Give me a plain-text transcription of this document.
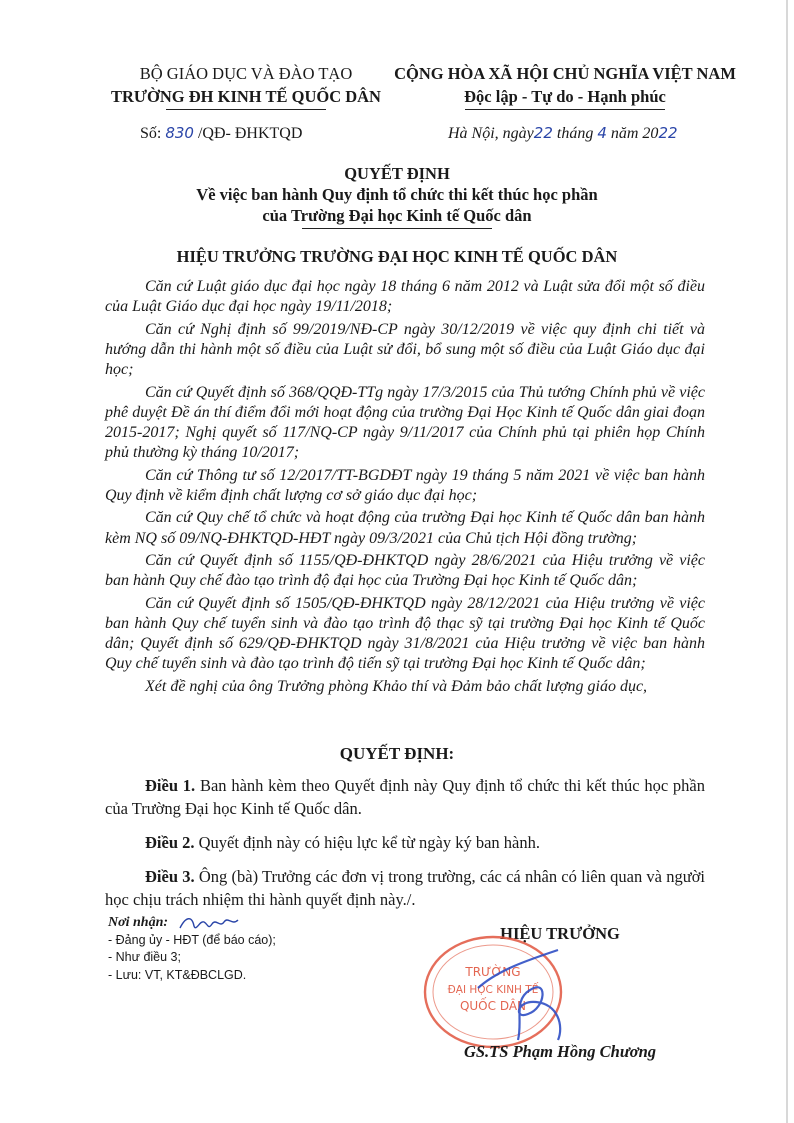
BỘ GIÁO DỤC VÀ ĐÀO TẠO
TRƯỜNG ĐH KINH TẾ QUỐC DÂN
CỘNG HÒA XÃ HỘI CHỦ NGHĨA VIỆT NAM
Độc lập - Tự do - Hạnh phúc
Số: 830 /QĐ- ĐHKTQD	Hà Nội, ngày22 tháng 4 năm 2022
QUYẾT ĐỊNH
Về việc ban hành Quy định tổ chức thi kết thúc học phần
của Trường Đại học Kinh tế Quốc dân
HIỆU TRƯỞNG TRƯỜNG ĐẠI HỌC KINH TẾ QUỐC DÂN

Căn cứ Luật giáo dục đại học ngày 18 tháng 6 năm 2012 và Luật sửa đổi một số điều của Luật Giáo dục đại học ngày 19/11/2018;

Căn cứ Nghị định số 99/2019/NĐ-CP ngày 30/12/2019 về việc quy định chi tiết và hướng dẫn thi hành một số điều của Luật sử đổi, bổ sung một số điều của Luật Giáo dục đại học;

Căn cứ Quyết định số 368/QQĐ-TTg ngày 17/3/2015 của Thủ tướng Chính phủ về việc phê duyệt Đề án thí điểm đổi mới hoạt động của trường Đại Học Kinh tế Quốc dân giai đoạn 2015-2017; Nghị quyết số 117/NQ-CP ngày 9/11/2017 của Chính phủ tại phiên họp Chính phủ thường kỳ tháng 10/2017;

Căn cứ Thông tư số 12/2017/TT-BGDĐT ngày 19 tháng 5 năm 2021 về việc ban hành Quy định về kiểm định chất lượng cơ sở giáo dục đại học;

Căn cứ Quy chế tổ chức và hoạt động của trường Đại học Kinh tế Quốc dân ban hành kèm NQ số 09/NQ-ĐHKTQD-HĐT ngày 09/3/2021 của Chủ tịch Hội đồng trường;

Căn cứ Quyết định số 1155/QĐ-ĐHKTQD ngày 28/6/2021 của Hiệu trưởng về việc ban hành Quy chế đào tạo trình độ đại học của Trường Đại học Kinh tế Quốc dân;

Căn cứ Quyết định số 1505/QĐ-ĐHKTQD ngày 28/12/2021 của Hiệu trưởng về việc ban hành Quy chế tuyển sinh và đào tạo trình độ thạc sỹ tại trường Đại học Kinh tế Quốc dân; Quyết định số 629/QĐ-ĐHKTQD ngày 31/8/2021 của Hiệu trưởng về việc ban hành Quy chế tuyển sinh và đào tạo trình độ tiến sỹ tại trường Đại học Kinh tế Quốc dân;

Xét đề nghị của ông Trưởng phòng Khảo thí và Đảm bảo chất lượng giáo dục,

QUYẾT ĐỊNH:

Điều 1. Ban hành kèm theo Quyết định này Quy định tổ chức thi kết thúc học phần của Trường Đại học Kinh tế Quốc dân.

Điều 2. Quyết định này có hiệu lực kể từ ngày ký ban hành.

Điều 3. Ông (bà) Trưởng các đơn vị trong trường, các cá nhân có liên quan và người học chịu trách nhiệm thi hành quyết định này./.

Nơi nhận:
- Đảng ủy - HĐT (để báo cáo);
- Như điều 3;
- Lưu: VT, KT&ĐBCLGD.
HIỆU TRƯỞNG
TRƯỜNG
ĐẠI HỌC KINH TẾ
QUỐC DÂN
GS.TS Phạm Hồng Chương
